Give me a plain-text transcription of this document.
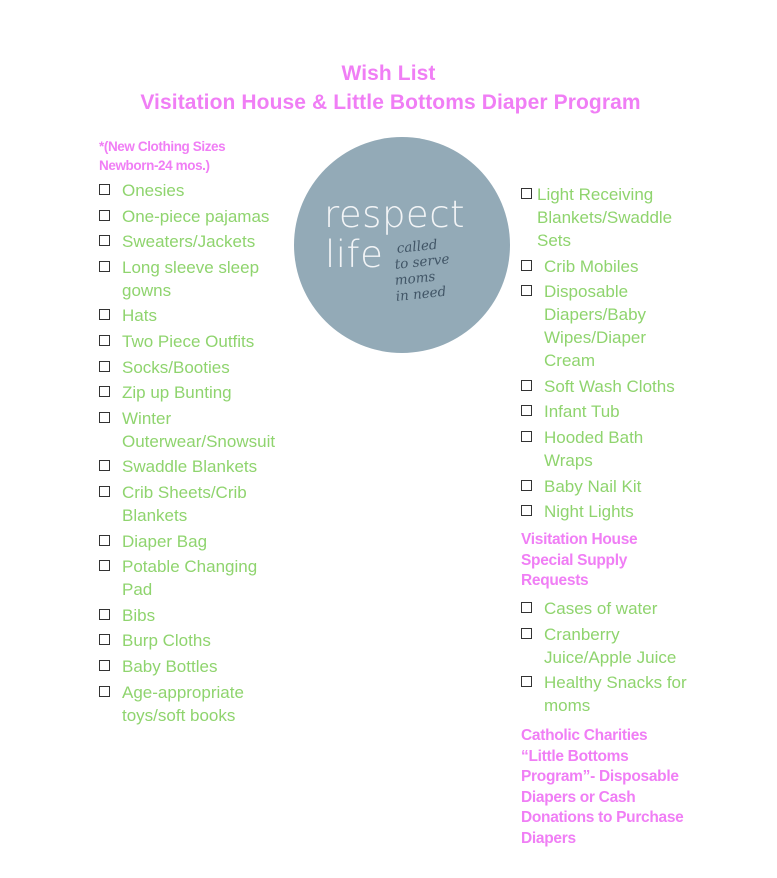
Wish List
Visitation House & Little Bottoms Diaper Program
*(New Clothing Sizes Newborn-24 mos.)
Onesies
One-piece pajamas
Sweaters/Jackets
Long sleeve sleep gowns
Hats
Two Piece Outfits
Socks/Booties
Zip up Bunting
Winter Outerwear/Snowsuit
Swaddle Blankets
Crib Sheets/Crib Blankets
Diaper Bag
Potable Changing Pad
Bibs
Burp Cloths
Baby Bottles
Age-appropriate toys/soft books
respect
life called
to serve
moms
in need
Light Receiving Blankets/Swaddle Sets
Crib Mobiles
Disposable Diapers/Baby Wipes/Diaper Cream
Soft Wash Cloths
Infant Tub
Hooded Bath Wraps
Baby Nail Kit
Night Lights
Visitation House Special Supply Requests
Cases of water
Cranberry Juice/Apple Juice
Healthy Snacks for moms
Catholic Charities “Little Bottoms Program”- Disposable Diapers or Cash Donations to Purchase Diapers
